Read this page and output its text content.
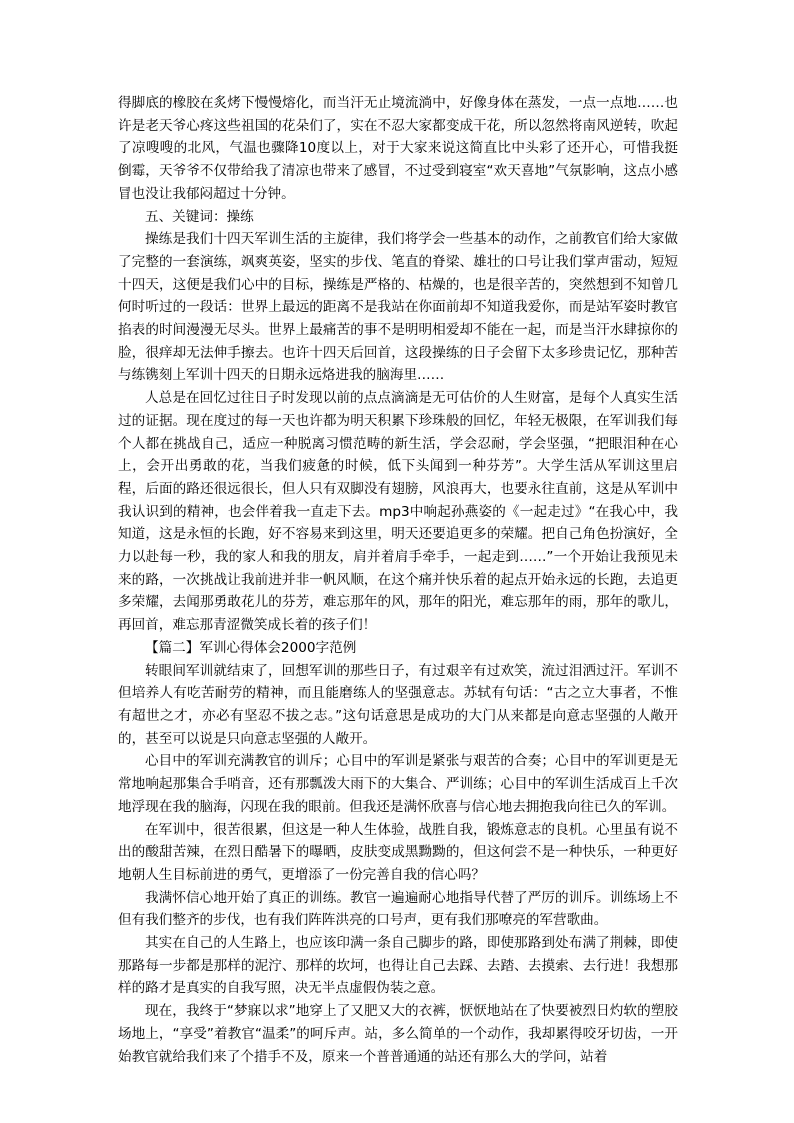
得脚底的橡胶在炙烤下慢慢熔化，而当汗无止境流淌中，好像身体在蒸发，一点一点地……也许是老天爷心疼这些祖国的花朵们了，实在不忍大家都变成干花，所以忽然将南风逆转，吹起了凉嗖嗖的北风，气温也骤降10度以上，对于大家来说这简直比中头彩了还开心，可惜我挺倒霉，天爷爷不仅带给我了清凉也带来了感冒，不过受到寝室“欢天喜地”气氛影响，这点小感冒也没让我郁闷超过十分钟。

五、关键词：操练

操练是我们十四天军训生活的主旋律，我们将学会一些基本的动作，之前教官们给大家做了完整的一套演练，飒爽英姿，坚实的步伐、笔直的脊梁、雄壮的口号让我们掌声雷动，短短十四天，这便是我们心中的目标，操练是严格的、枯燥的，也是很辛苦的，突然想到不知曾几何时听过的一段话：世界上最远的距离不是我站在你面前却不知道我爱你，而是站军姿时教官掐表的时间漫漫无尽头。世界上最痛苦的事不是明明相爱却不能在一起，而是当汗水肆掠你的脸，很痒却无法伸手擦去。也许十四天后回首，这段操练的日子会留下太多珍贵记忆，那种苦与练镌刻上军训十四天的日期永远烙进我的脑海里……

人总是在回忆过往日子时发现以前的点点滴滴是无可估价的人生财富，是每个人真实生活过的证据。现在度过的每一天也许都为明天积累下珍珠般的回忆，年轻无极限，在军训我们每个人都在挑战自己，适应一种脱离习惯范畴的新生活，学会忍耐，学会坚强，“把眼泪种在心上，会开出勇敢的花，当我们疲惫的时候，低下头闻到一种芬芳”。大学生活从军训这里启程，后面的路还很远很长，但人只有双脚没有翅膀，风浪再大，也要永往直前，这是从军训中我认识到的精神，也会伴着我一直走下去。mp3中响起孙燕姿的《一起走过》“在我心中，我知道，这是永恒的长跑，好不容易来到这里，明天还要追更多的荣耀。把自己角色扮演好，全力以赴每一秒，我的家人和我的朋友，肩并着肩手牵手，一起走到……”一个开始让我预见未来的路，一次挑战让我前进并非一帆风顺，在这个痛并快乐着的起点开始永远的长跑，去追更多荣耀，去闻那勇敢花儿的芬芳，难忘那年的风，那年的阳光，难忘那年的雨，那年的歌儿，再回首，难忘那青涩微笑成长着的孩子们！

【篇二】军训心得体会2000字范例

转眼间军训就结束了，回想军训的那些日子，有过艰辛有过欢笑，流过泪洒过汗。军训不但培养人有吃苦耐劳的精神，而且能磨练人的坚强意志。苏轼有句话：“古之立大事者，不惟有超世之才，亦必有坚忍不拔之志。”这句话意思是成功的大门从来都是向意志坚强的人敞开的，甚至可以说是只向意志坚强的人敞开。

心目中的军训充满教官的训斥；心目中的军训是紧张与艰苦的合奏；心目中的军训更是无常地响起那集合手哨音，还有那瓢泼大雨下的大集合、严训练；心目中的军训生活成百上千次地浮现在我的脑海，闪现在我的眼前。但我还是满怀欣喜与信心地去拥抱我向往已久的军训。

在军训中，很苦很累，但这是一种人生体验，战胜自我，锻炼意志的良机。心里虽有说不出的酸甜苦辣，在烈日酷暑下的曝晒，皮肤变成黑黝黝的，但这何尝不是一种快乐，一种更好地朝人生目标前进的勇气，更增添了一份完善自我的信心吗？

我满怀信心地开始了真正的训练。教官一遍遍耐心地指导代替了严厉的训斥。训练场上不但有我们整齐的步伐，也有我们阵阵洪亮的口号声，更有我们那嘹亮的军营歌曲。

其实在自己的人生路上，也应该印满一条自己脚步的路，即使那路到处布满了荆棘，即使那路每一步都是那样的泥泞、那样的坎坷，也得让自己去踩、去踏、去摸索、去行进！我想那样的路才是真实的自我写照，决无半点虚假伪装之意。

现在，我终于“梦寐以求”地穿上了又肥又大的衣裤，恹恹地站在了快要被烈日灼软的塑胶场地上，“享受”着教官“温柔”的呵斥声。站，多么简单的一个动作，我却累得咬牙切齿，一开始教官就给我们来了个措手不及，原来一个普普通通的站还有那么大的学问，站着
